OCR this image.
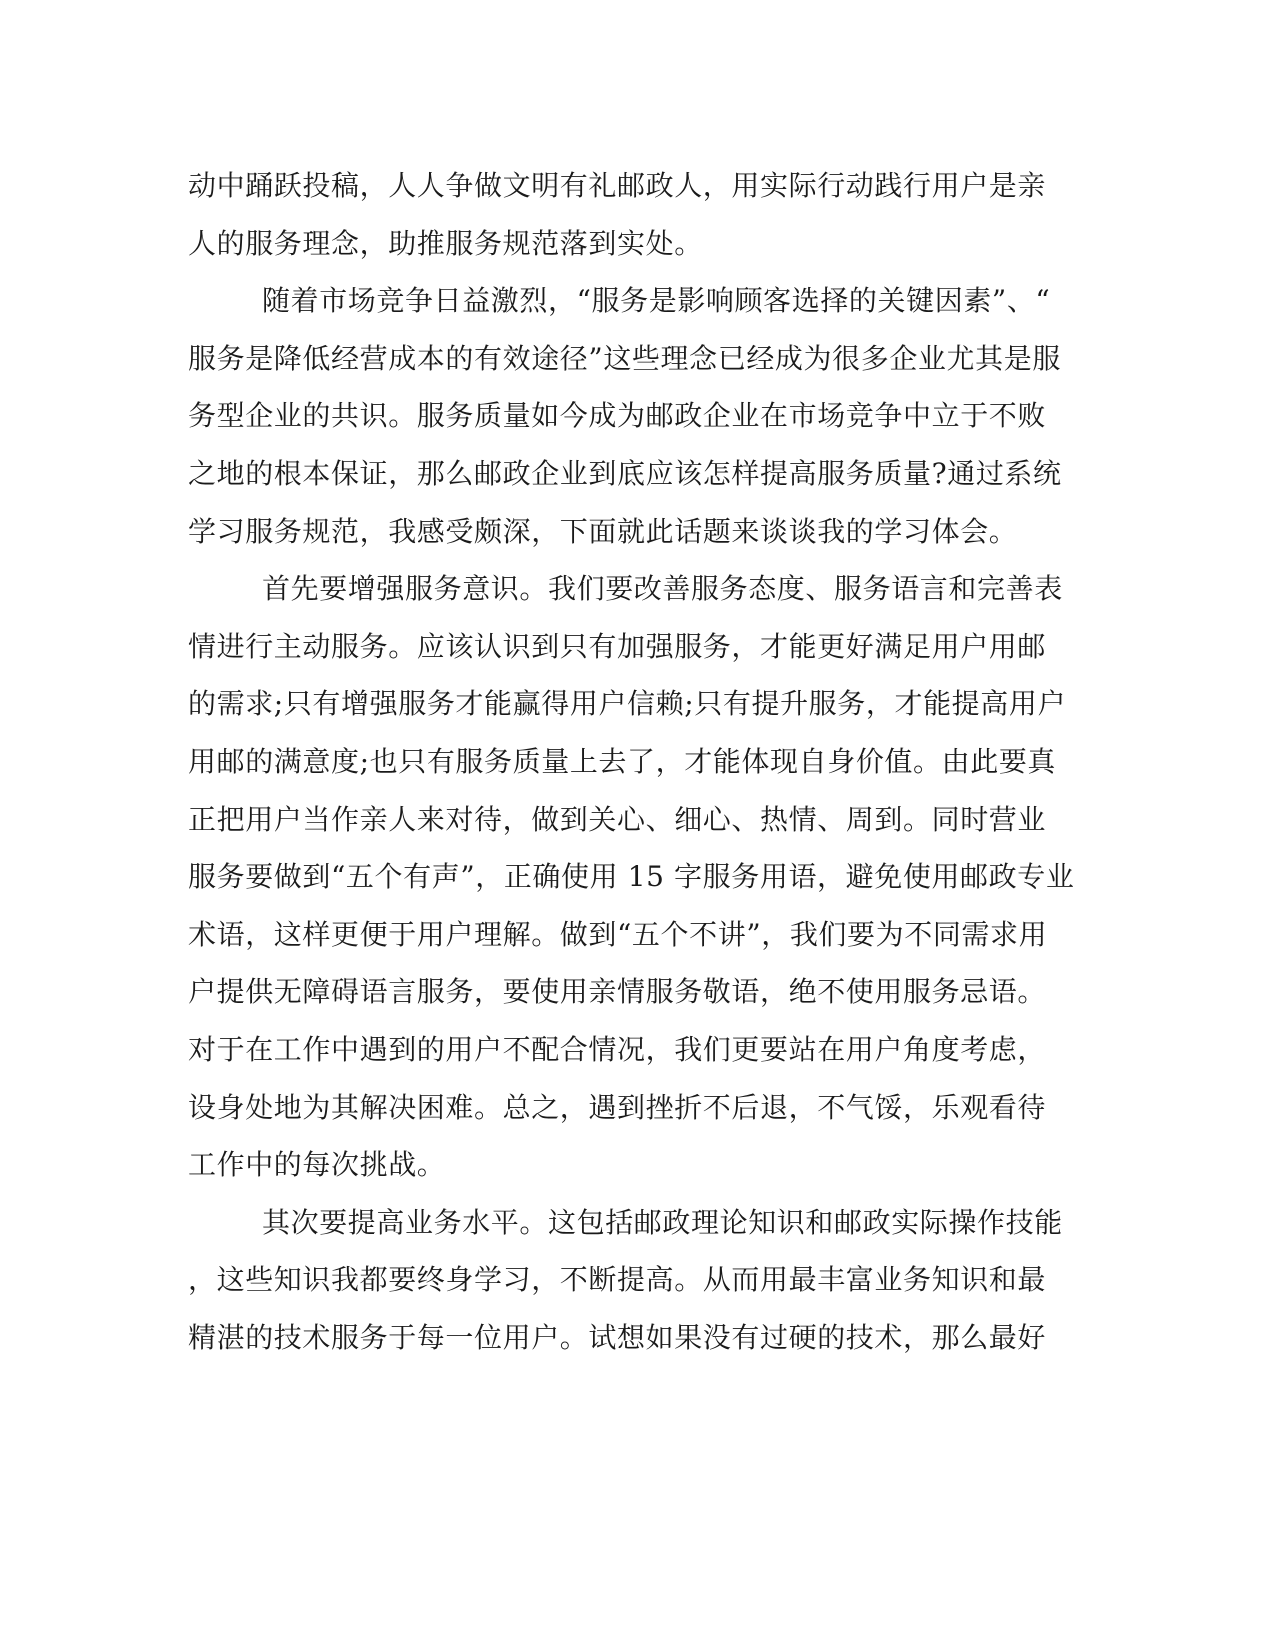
动中踊跃投稿，人人争做文明有礼邮政人，用实际行动践行用户是亲
人的服务理念，助推服务规范落到实处。
随着市场竞争日益激烈，“服务是影响顾客选择的关键因素”、“
服务是降低经营成本的有效途径”这些理念已经成为很多企业尤其是服
务型企业的共识。服务质量如今成为邮政企业在市场竞争中立于不败
之地的根本保证，那么邮政企业到底应该怎样提高服务质量?通过系统
学习服务规范，我感受颇深，下面就此话题来谈谈我的学习体会。
首先要增强服务意识。我们要改善服务态度、服务语言和完善表
情进行主动服务。应该认识到只有加强服务，才能更好满足用户用邮
的需求;只有增强服务才能赢得用户信赖;只有提升服务，才能提高用户
用邮的满意度;也只有服务质量上去了，才能体现自身价值。由此要真
正把用户当作亲人来对待，做到关心、细心、热情、周到。同时营业
服务要做到“五个有声”，正确使用 15 字服务用语，避免使用邮政专业
术语，这样更便于用户理解。做到“五个不讲”，我们要为不同需求用
户提供无障碍语言服务，要使用亲情服务敬语，绝不使用服务忌语。
对于在工作中遇到的用户不配合情况，我们更要站在用户角度考虑，
设身处地为其解决困难。总之，遇到挫折不后退，不气馁，乐观看待
工作中的每次挑战。
其次要提高业务水平。这包括邮政理论知识和邮政实际操作技能
，这些知识我都要终身学习，不断提高。从而用最丰富业务知识和最
精湛的技术服务于每一位用户。试想如果没有过硬的技术，那么最好
